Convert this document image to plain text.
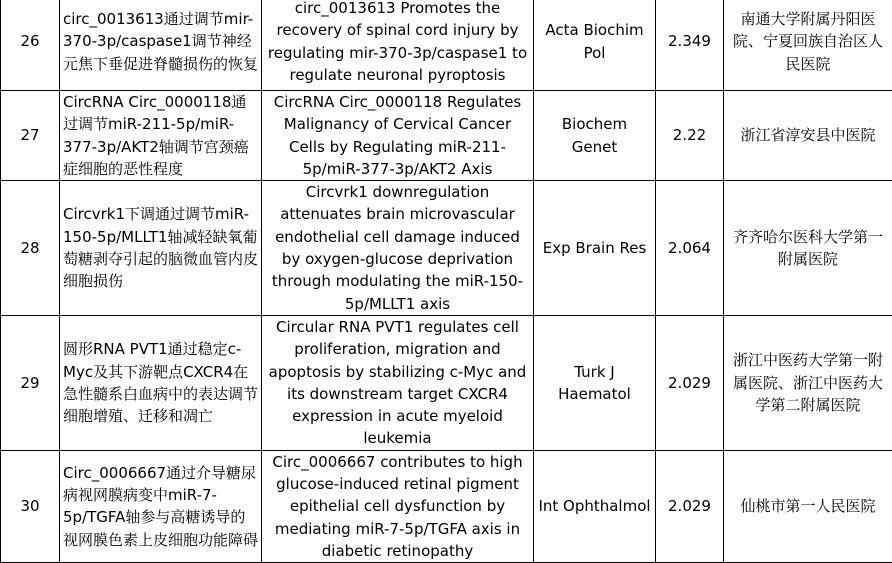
26	circ_0013613通过调节mir-370-3p/caspase1调节神经元焦下垂促进脊髓损伤的恢复	circ_0013613 Promotes the recovery of spinal cord injury by regulating mir-370-3p/caspase1 to regulate neuronal pyroptosis	Acta Biochim Pol	2.349	南通大学附属丹阳医院、宁夏回族自治区人民医院

27	CircRNA Circ_0000118通过调节miR-211-5p/miR-377-3p/AKT2轴调节宫颈癌症细胞的恶性程度	CircRNA Circ_0000118 Regulates Malignancy of Cervical Cancer Cells by Regulating miR-211-5p/miR-377-3p/AKT2 Axis	Biochem Genet	2.22	浙江省淳安县中医院

28	Circvrk1下调通过调节miR-150-5p/MLLT1轴减轻缺氧葡萄糖剥夺引起的脑微血管内皮细胞损伤	Circvrk1 downregulation attenuates brain microvascular endothelial cell damage induced by oxygen-glucose deprivation through modulating the miR-150-5p/MLLT1 axis	Exp Brain Res	2.064	齐齐哈尔医科大学第一附属医院

29	圆形RNA PVT1通过稳定c-Myc及其下游靶点CXCR4在急性髓系白血病中的表达调节细胞增殖、迁移和凋亡	Circular RNA PVT1 regulates cell proliferation, migration and apoptosis by stabilizing c-Myc and its downstream target CXCR4 expression in acute myeloid leukemia	Turk J Haematol	2.029	浙江中医药大学第一附属医院、浙江中医药大学第二附属医院

30	Circ_0006667通过介导糖尿病视网膜病变中miR-7-5p/TGFA轴参与高糖诱导的视网膜色素上皮细胞功能障碍	Circ_0006667 contributes to high glucose-induced retinal pigment epithelial cell dysfunction by mediating miR-7-5p/TGFA axis in diabetic retinopathy	Int Ophthalmol	2.029	仙桃市第一人民医院
